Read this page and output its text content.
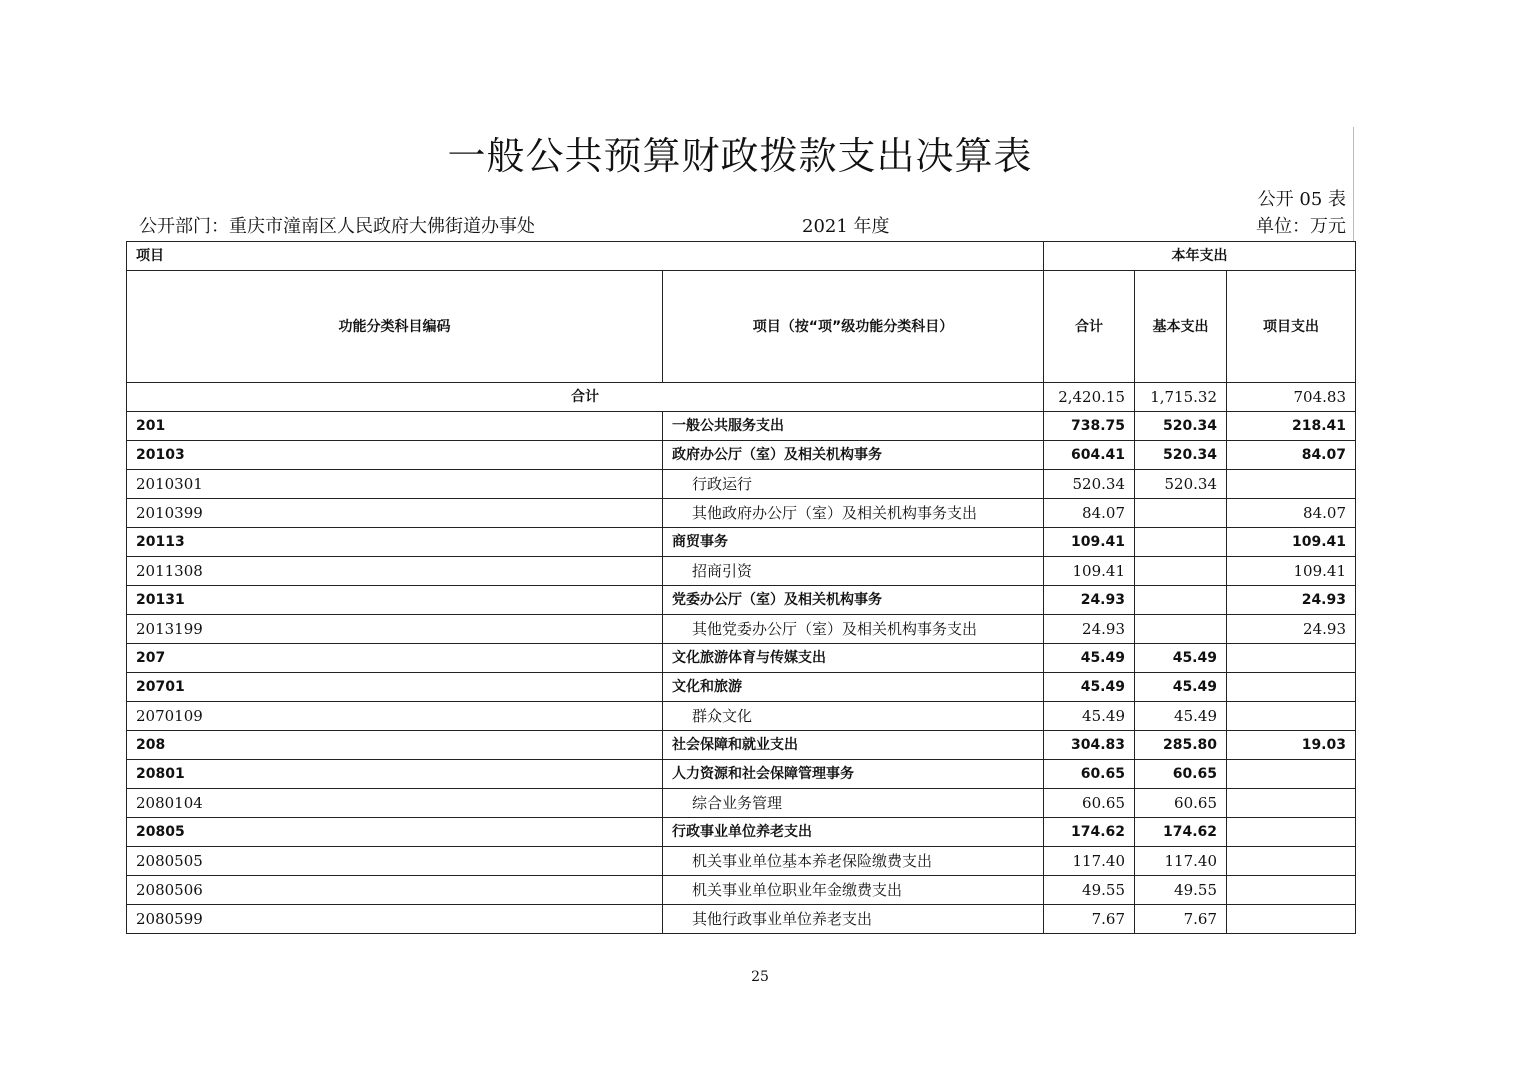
一般公共预算财政拨款支出决算表
公开 05 表
公开部门：重庆市潼南区人民政府大佛街道办事处	2021 年度	单位：万元
项目		本年支出		
功能分类科目编码	项目（按“项”级功能分类科目）	合计	基本支出	项目支出
合计		2,420.15	1,715.32	704.83
201	一般公共服务支出	738.75	520.34	218.41
20103	政府办公厅（室）及相关机构事务	604.41	520.34	84.07
2010301	行政运行	520.34	520.34	
2010399	其他政府办公厅（室）及相关机构事务支出	84.07		84.07
20113	商贸事务	109.41		109.41
2011308	招商引资	109.41		109.41
20131	党委办公厅（室）及相关机构事务	24.93		24.93
2013199	其他党委办公厅（室）及相关机构事务支出	24.93		24.93
207	文化旅游体育与传媒支出	45.49	45.49	
20701	文化和旅游	45.49	45.49	
2070109	群众文化	45.49	45.49	
208	社会保障和就业支出	304.83	285.80	19.03
20801	人力资源和社会保障管理事务	60.65	60.65	
2080104	综合业务管理	60.65	60.65	
20805	行政事业单位养老支出	174.62	174.62	
2080505	机关事业单位基本养老保险缴费支出	117.40	117.40	
2080506	机关事业单位职业年金缴费支出	49.55	49.55	
2080599	其他行政事业单位养老支出	7.67	7.67	
25
